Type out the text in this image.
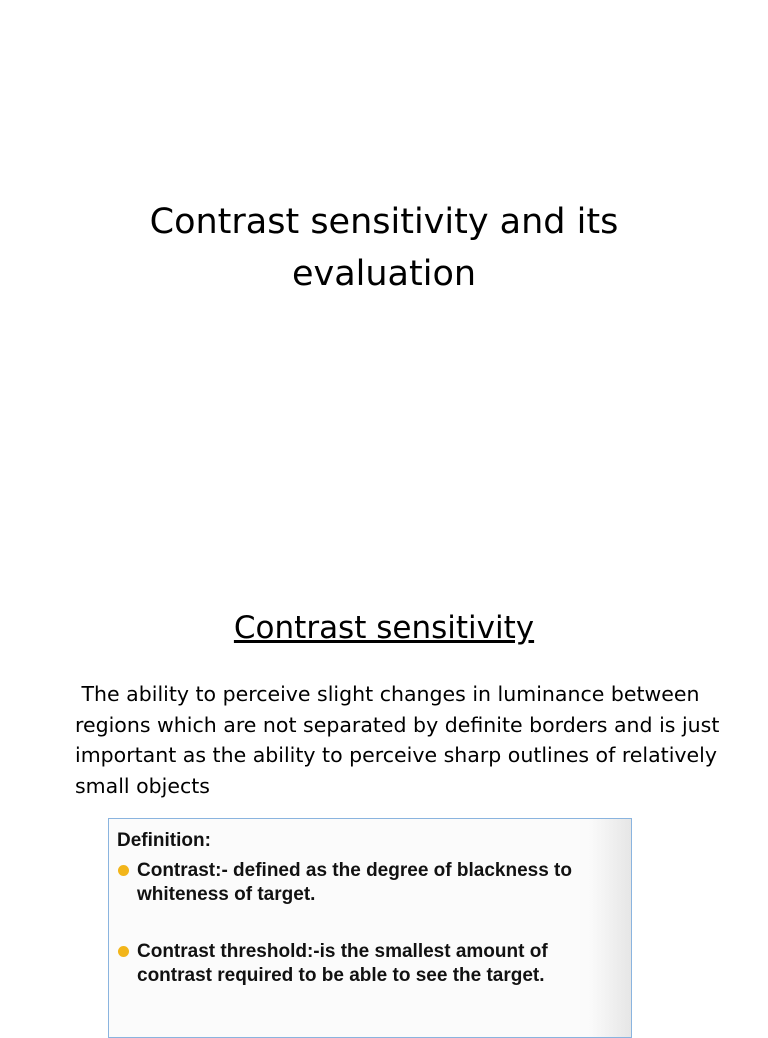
Contrast sensitivity and its
evaluation
Contrast sensitivity

The ability to perceive slight changes in luminance between regions which are not separated by definite borders and is just important as the ability to perceive sharp outlines of relatively small objects

Definition:
Contrast:- defined as the degree of blackness to whiteness of target.
Contrast threshold:-is the smallest amount of contrast required to be able to see the target.
